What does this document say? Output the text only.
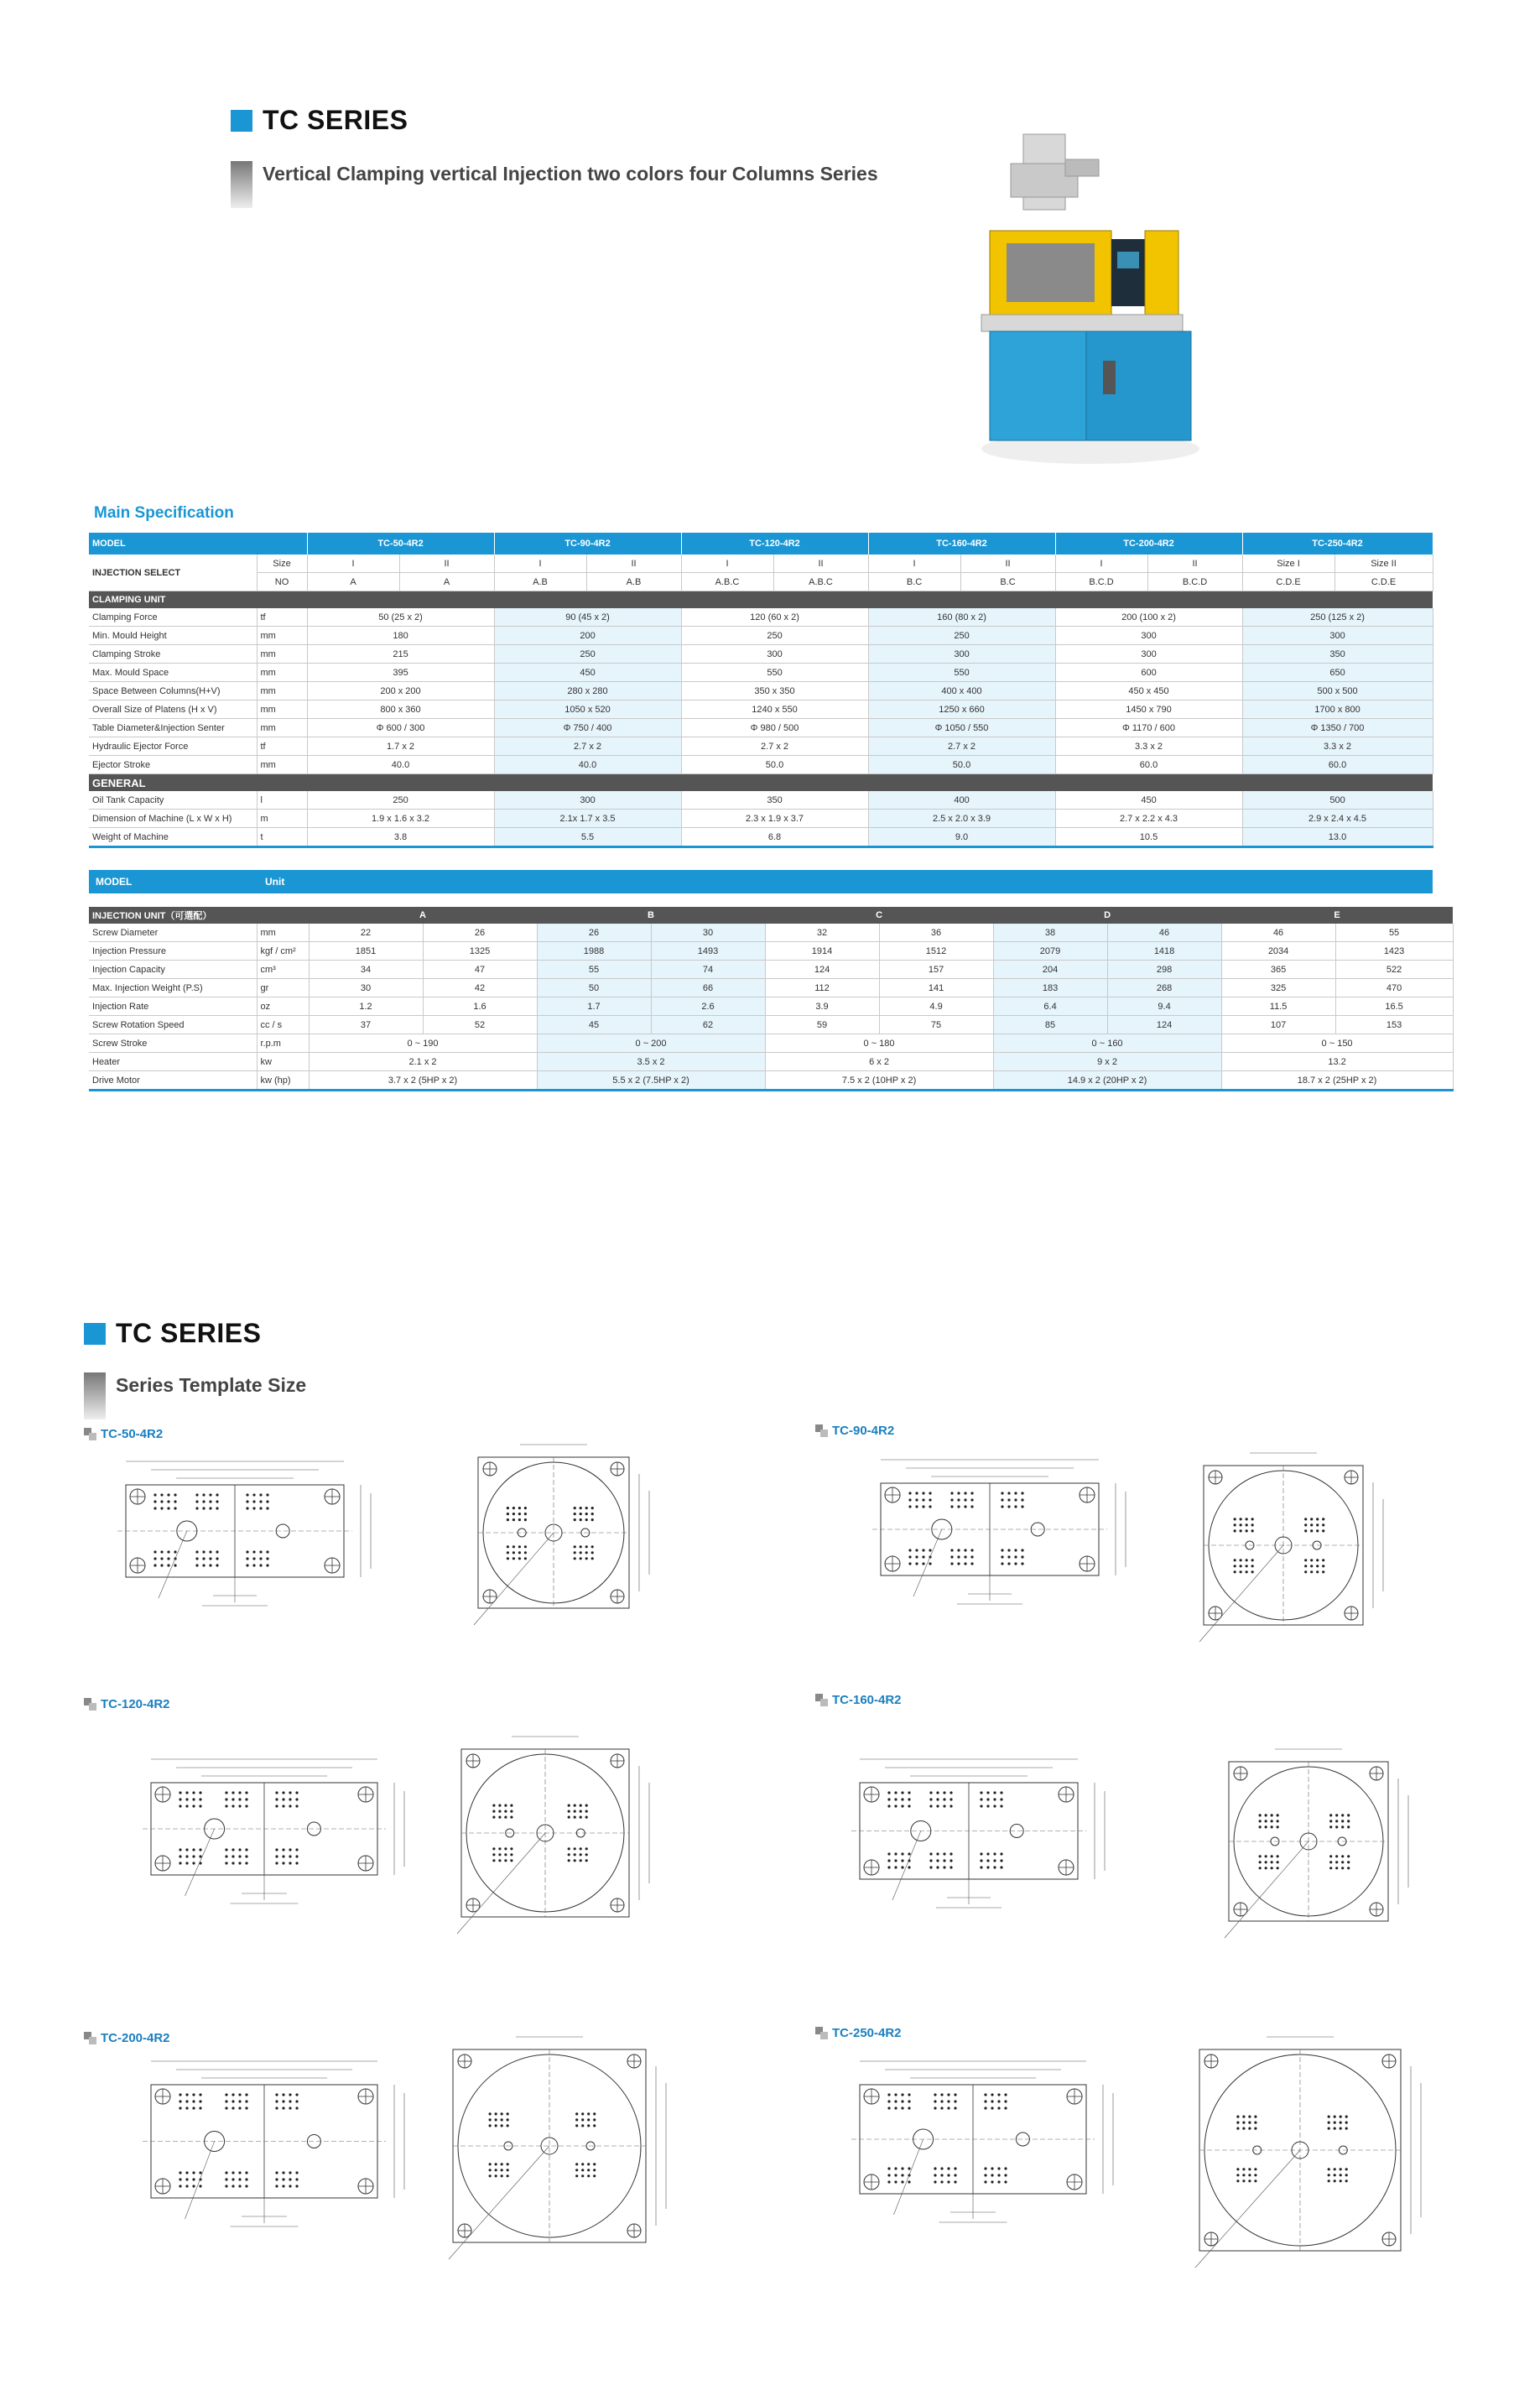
TC SERIES
Vertical Clamping vertical Injection two colors four Columns Series
Main Specification
MODEL		TC-50-4R2		TC-90-4R2		TC-120-4R2		TC-160-4R2		TC-200-4R2		TC-250-4R2	
INJECTION SELECT	Size	I	II	I	II	I	II	I	II	I	II	Size I	Size II
	NO	A	A	A.B	A.B	A.B.C	A.B.C	B.C	B.C	B.C.D	B.C.D	C.D.E	C.D.E
CLAMPING UNIT													
Clamping Force	tf	50 (25 x 2)		90 (45 x 2)		120 (60 x 2)		160 (80 x 2)		200 (100 x 2)		250 (125 x 2)	
Min. Mould Height	mm	180		200		250		250		300		300	
Clamping Stroke	mm	215		250		300		300		300		350	
Max. Mould Space	mm	395		450		550		550		600		650	
Space Between Columns(H+V)	mm	200 x 200		280 x 280		350 x 350		400 x 400		450 x 450		500 x 500	
Overall Size of Platens (H x V)	mm	800 x 360		1050 x 520		1240 x 550		1250 x 660		1450 x 790		1700 x 800	
Table Diameter&Injection Senter	mm	Φ 600 / 300		Φ 750 / 400		Φ 980 / 500		Φ 1050 / 550		Φ 1170 / 600		Φ 1350 / 700	
Hydraulic Ejector Force	tf	1.7 x 2		2.7 x 2		2.7 x 2		2.7 x 2		3.3 x 2		3.3 x 2	
Ejector Stroke	mm	40.0		40.0		50.0		50.0		60.0		60.0	
GENERAL													
Oil Tank Capacity	l	250		300		350		400		450		500	
Dimension of Machine (L x W x H)	m	1.9 x 1.6 x 3.2		2.1x 1.7 x 3.5		2.3 x 1.9 x 3.7		2.5 x 2.0 x 3.9		2.7 x 2.2 x 4.3		2.9 x 2.4 x 4.5	
Weight of Machine	t	3.8		5.5		6.8		9.0		10.5		13.0	
MODEL	Unit
INJECTION UNIT（可選配）		A		B		C		D		E	
Screw Diameter	mm	22	26	26	30	32	36	38	46	46	55
Injection Pressure	kgf / cm²	1851	1325	1988	1493	1914	1512	2079	1418	2034	1423
Injection Capacity	cm³	34	47	55	74	124	157	204	298	365	522
Max. Injection Weight (P.S)	gr	30	42	50	66	112	141	183	268	325	470
Injection Rate	oz	1.2	1.6	1.7	2.6	3.9	4.9	6.4	9.4	11.5	16.5
Screw Rotation Speed	cc / s	37	52	45	62	59	75	85	124	107	153
Screw Stroke	r.p.m	0 ~ 190		0 ~ 200		0 ~ 180		0 ~ 160		0 ~ 150	
Heater	kw	2.1 x 2		3.5 x 2		6 x 2		9 x 2		13.2	
Drive Motor	kw (hp)	3.7 x 2 (5HP x 2)		5.5 x 2 (7.5HP x 2)		7.5 x 2 (10HP x 2)		14.9 x 2 (20HP x 2)		18.7 x 2 (25HP x 2)	
TC SERIES
Series Template Size
TC-50-4R2	TC-90-4R2
TC-120-4R2	TC-160-4R2
TC-200-4R2	TC-250-4R2
